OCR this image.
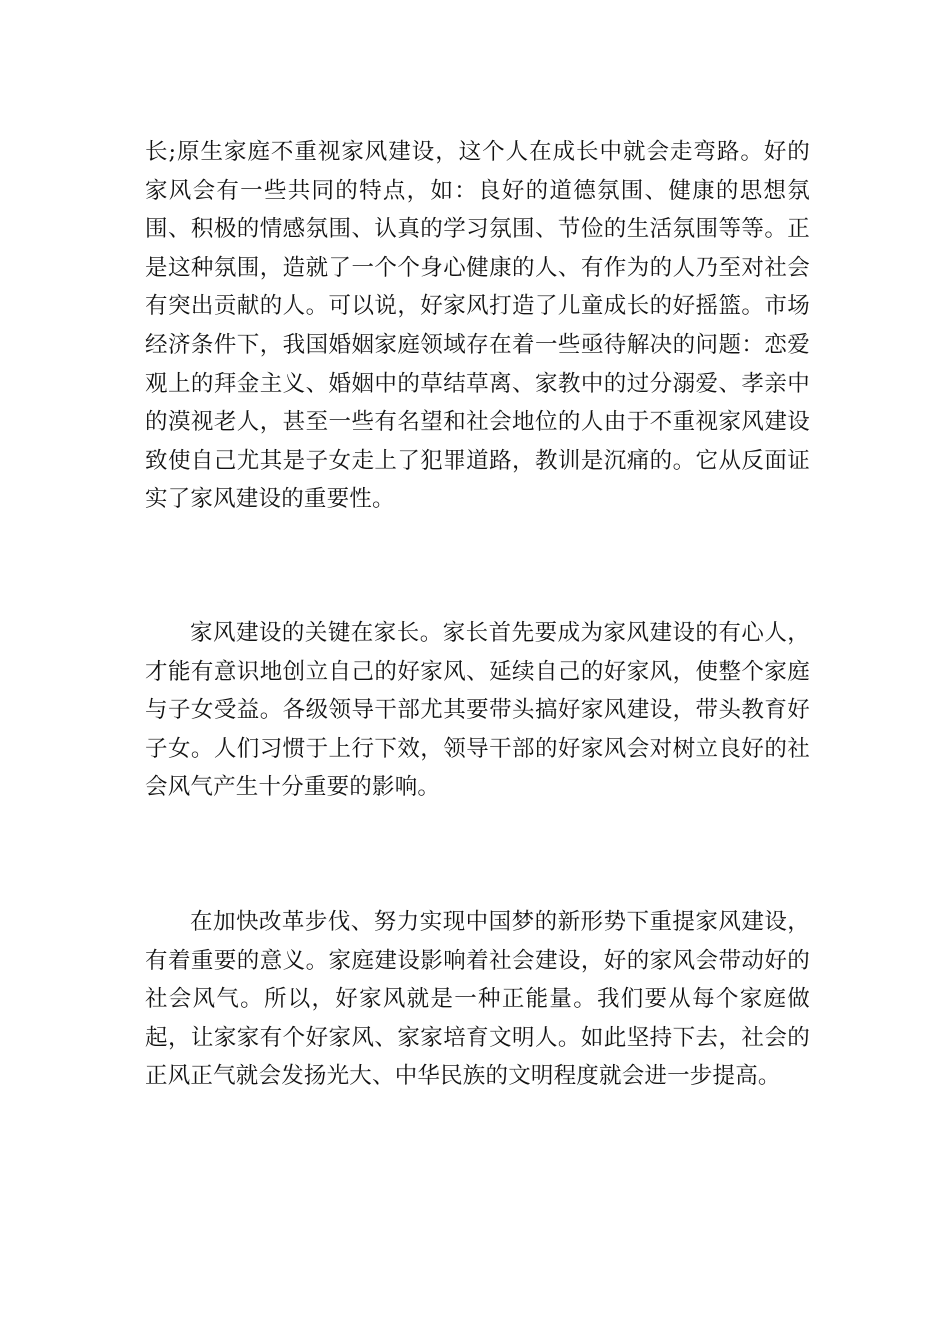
长;原生家庭不重视家风建设，这个人在成长中就会走弯路。好的家风会有一些共同的特点，如：良好的道德氛围、健康的思想氛围、积极的情感氛围、认真的学习氛围、节俭的生活氛围等等。正是这种氛围，造就了一个个身心健康的人、有作为的人乃至对社会有突出贡献的人。可以说，好家风打造了儿童成长的好摇篮。市场经济条件下，我国婚姻家庭领域存在着一些亟待解决的问题：恋爱观上的拜金主义、婚姻中的草结草离、家教中的过分溺爱、孝亲中的漠视老人，甚至一些有名望和社会地位的人由于不重视家风建设致使自己尤其是子女走上了犯罪道路，教训是沉痛的。它从反面证实了家风建设的重要性。

家风建设的关键在家长。家长首先要成为家风建设的有心人，才能有意识地创立自己的好家风、延续自己的好家风，使整个家庭与子女受益。各级领导干部尤其要带头搞好家风建设，带头教育好子女。人们习惯于上行下效，领导干部的好家风会对树立良好的社会风气产生十分重要的影响。

在加快改革步伐、努力实现中国梦的新形势下重提家风建设，有着重要的意义。家庭建设影响着社会建设，好的家风会带动好的社会风气。所以，好家风就是一种正能量。我们要从每个家庭做起，让家家有个好家风、家家培育文明人。如此坚持下去，社会的正风正气就会发扬光大、中华民族的文明程度就会进一步提高。
